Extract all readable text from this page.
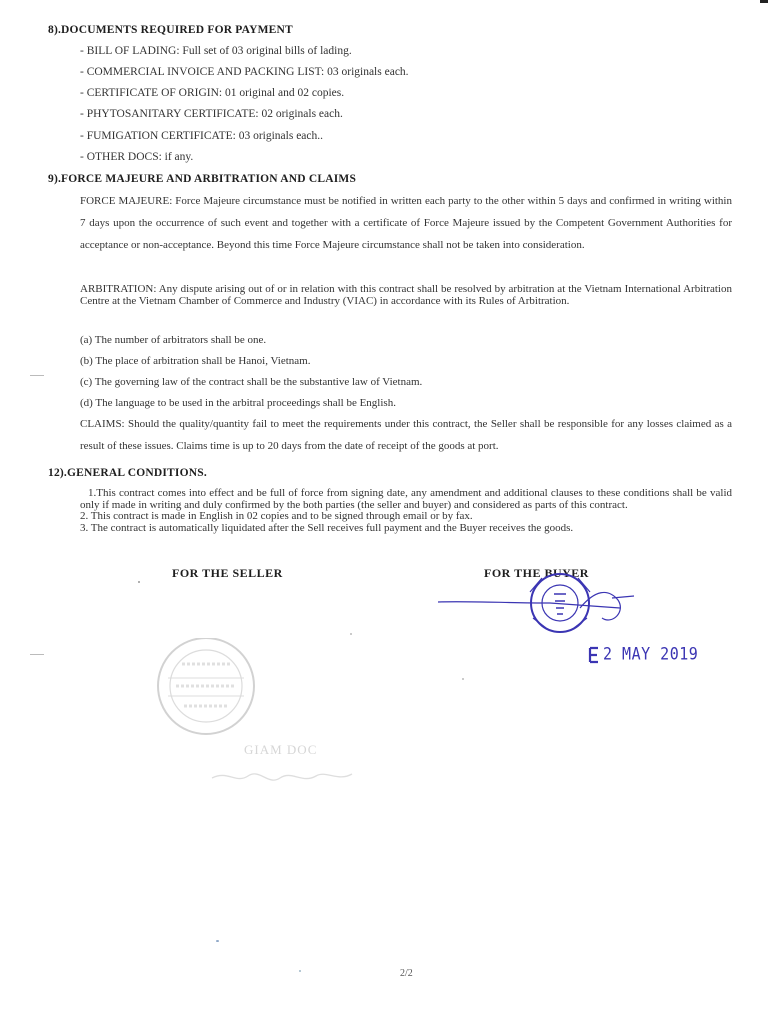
8).DOCUMENTS REQUIRED FOR PAYMENT
- BILL OF LADING: Full set of 03 original bills of lading.
- COMMERCIAL INVOICE AND PACKING LIST: 03 originals each.
- CERTIFICATE OF ORIGIN: 01 original and 02 copies.
- PHYTOSANITARY CERTIFICATE: 02 originals each.
- FUMIGATION CERTIFICATE: 03 originals each..
- OTHER DOCS: if any.
9).FORCE MAJEURE AND ARBITRATION AND CLAIMS
FORCE MAJEURE: Force Majeure circumstance must be notified in written each party to the other within 5 days and confirmed in writing within 7 days upon the occurrence of such event and together with a certificate of Force Majeure issued by the Competent Government Authorities for acceptance or non-acceptance. Beyond this time Force Majeure circumstance shall not be taken into consideration.
ARBITRATION: Any dispute arising out of or in relation with this contract shall be resolved by arbitration at the Vietnam International Arbitration Centre at the Vietnam Chamber of Commerce and Industry (VIAC) in accordance with its Rules of Arbitration.
(a) The number of arbitrators shall be one.
(b) The place of arbitration shall be Hanoi, Vietnam.
(c) The governing law of the contract shall be the substantive law of Vietnam.
(d) The language to be used in the arbitral proceedings shall be English.
CLAIMS: Should the quality/quantity fail to meet the requirements under this contract, the Seller shall be responsible for any losses claimed as a result of these issues. Claims time is up to 20 days from the date of receipt of the goods at port.
12).GENERAL CONDITIONS.
1.This contract comes into effect and be full of force from signing date, any amendment and additional clauses to these conditions shall be valid only if made in writing and duly confirmed by the both parties (the seller and buyer) and considered as parts of this contract.
2. This contract is made in English in 02 copies and to be signed through email or by fax.
3. The contract is automatically liquidated after the Sell receives full payment and the Buyer receives the goods.
FOR THE SELLER	FOR THE BUYER
2 MAY 2019
GIAM DOC
2/2
